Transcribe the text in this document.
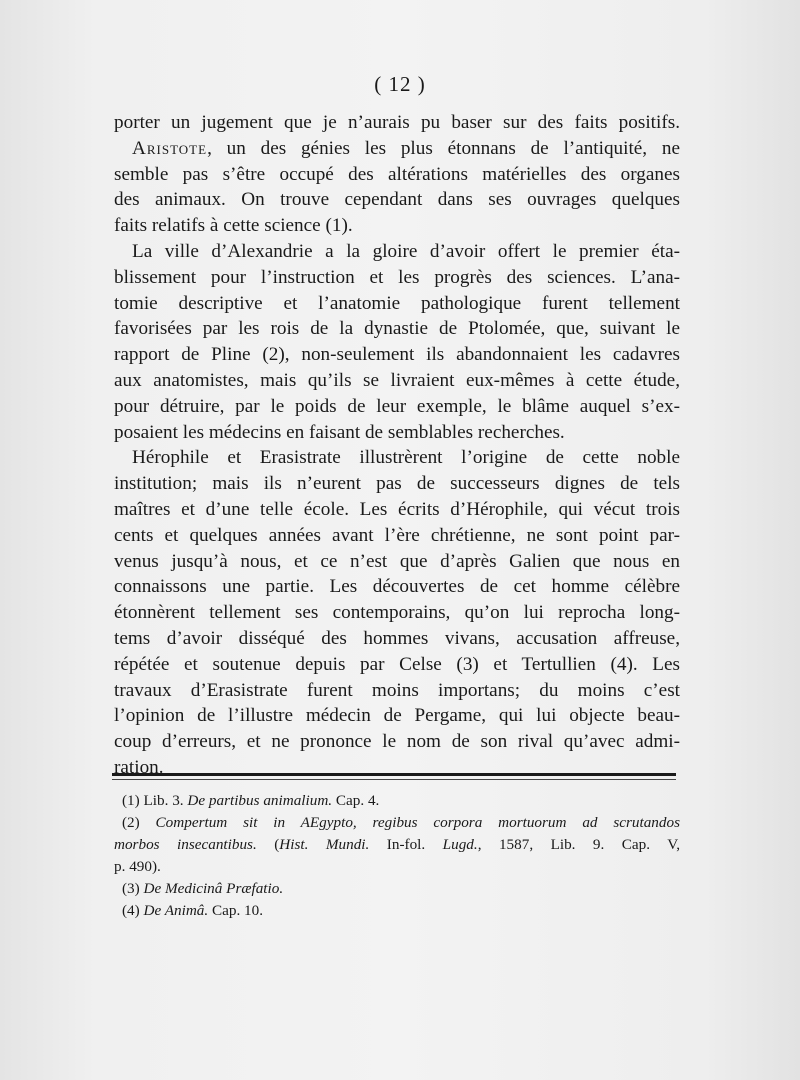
( 12 )
porter un jugement que je n’aurais pu baser sur des faits positifs.
Aristote, un des génies les plus étonnans de l’antiquité, ne
semble pas s’être occupé des altérations matérielles des organes
des animaux. On trouve cependant dans ses ouvrages quelques
faits relatifs à cette science (1).
La ville d’Alexandrie a la gloire d’avoir offert le premier éta-
blissement pour l’instruction et les progrès des sciences. L’ana-
tomie descriptive et l’anatomie pathologique furent tellement
favorisées par les rois de la dynastie de Ptolomée, que, suivant le
rapport de Pline (2), non-seulement ils abandonnaient les cadavres
aux anatomistes, mais qu’ils se livraient eux-mêmes à cette étude,
pour détruire, par le poids de leur exemple, le blâme auquel s’ex-
posaient les médecins en faisant de semblables recherches.
Hérophile et Erasistrate illustrèrent l’origine de cette noble
institution; mais ils n’eurent pas de successeurs dignes de tels
maîtres et d’une telle école. Les écrits d’Hérophile, qui vécut trois
cents et quelques années avant l’ère chrétienne, ne sont point par-
venus jusqu’à nous, et ce n’est que d’après Galien que nous en
connaissons une partie. Les découvertes de cet homme célèbre
étonnèrent tellement ses contemporains, qu’on lui reprocha long-
tems d’avoir disséqué des hommes vivans, accusation affreuse,
répétée et soutenue depuis par Celse (3) et Tertullien (4). Les
travaux d’Erasistrate furent moins importans; du moins c’est
l’opinion de l’illustre médecin de Pergame, qui lui objecte beau-
coup d’erreurs, et ne prononce le nom de son rival qu’avec admi-
ration.
(1) Lib. 3. De partibus animalium. Cap. 4.
(2) Compertum sit in AEgypto, regibus corpora mortuorum ad scrutandos
morbos insecantibus. (Hist. Mundi. In-fol. Lugd., 1587, Lib. 9. Cap. V,
p. 490).
(3) De Medicinâ Præfatio.
(4) De Animâ. Cap. 10.
